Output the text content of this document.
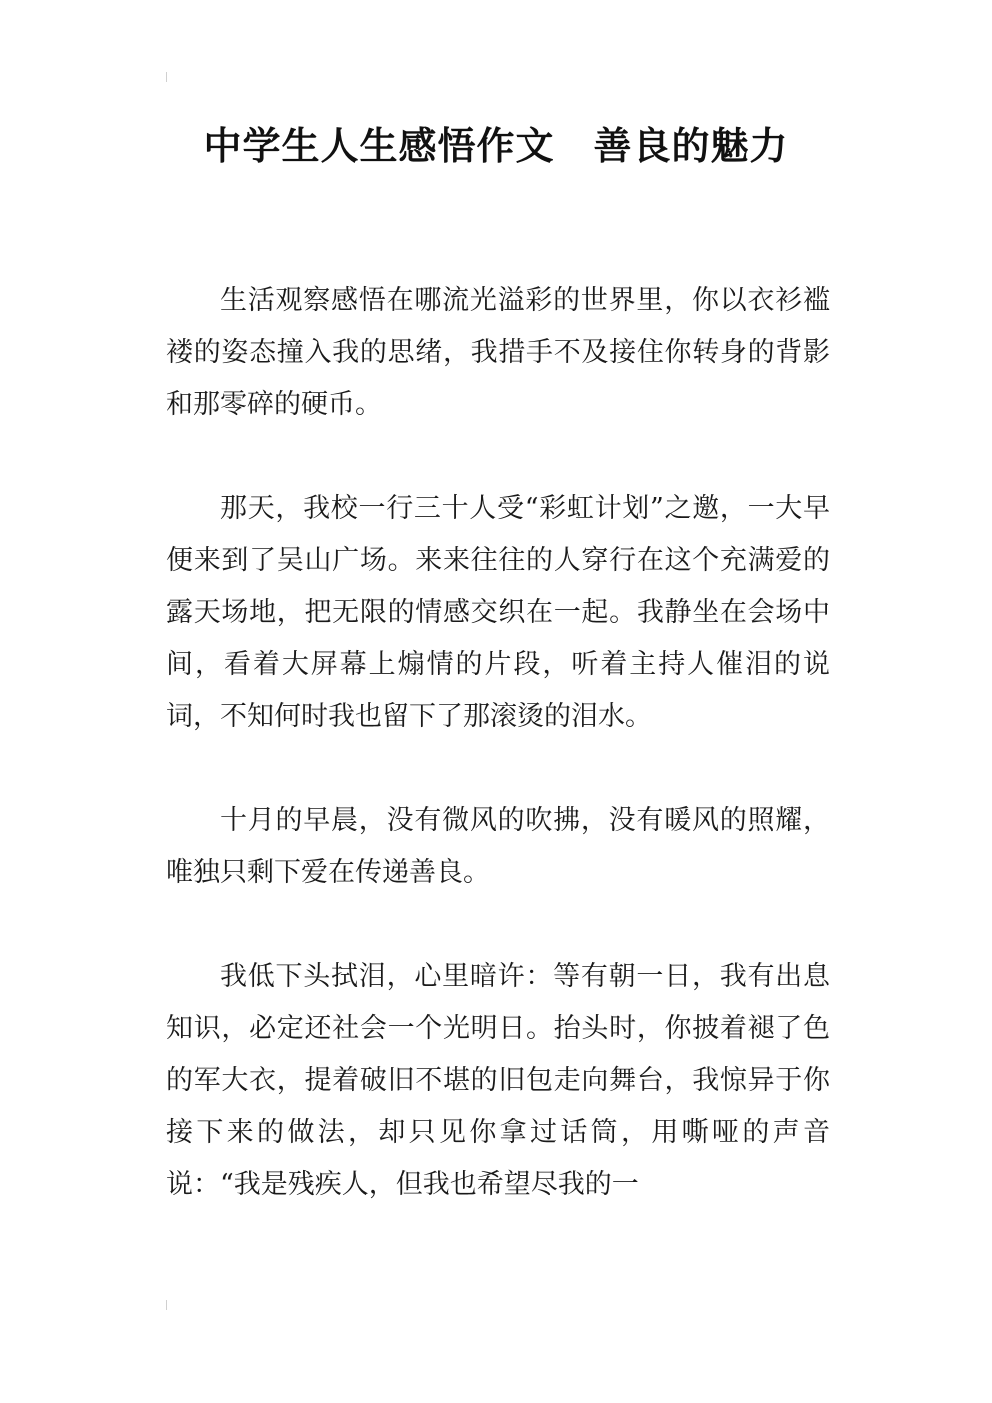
中学生人生感悟作文　善良的魅力

生活观察感悟在哪流光溢彩的世界里，你以衣衫褴褛的姿态撞入我的思绪，我措手不及接住你转身的背影和那零碎的硬币。

那天，我校一行三十人受“彩虹计划”之邀，一大早便来到了吴山广场。来来往往的人穿行在这个充满爱的露天场地，把无限的情感交织在一起。我静坐在会场中间，看着大屏幕上煽情的片段，听着主持人催泪的说词，不知何时我也留下了那滚烫的泪水。

十月的早晨，没有微风的吹拂，没有暖风的照耀，唯独只剩下爱在传递善良。

我低下头拭泪，心里暗许：等有朝一日，我有出息知识，必定还社会一个光明日。抬头时，你披着褪了色的军大衣，提着破旧不堪的旧包走向舞台，我惊异于你接下来的做法，却只见你拿过话筒，用嘶哑的声音说：“我是残疾人，但我也希望尽我的一
